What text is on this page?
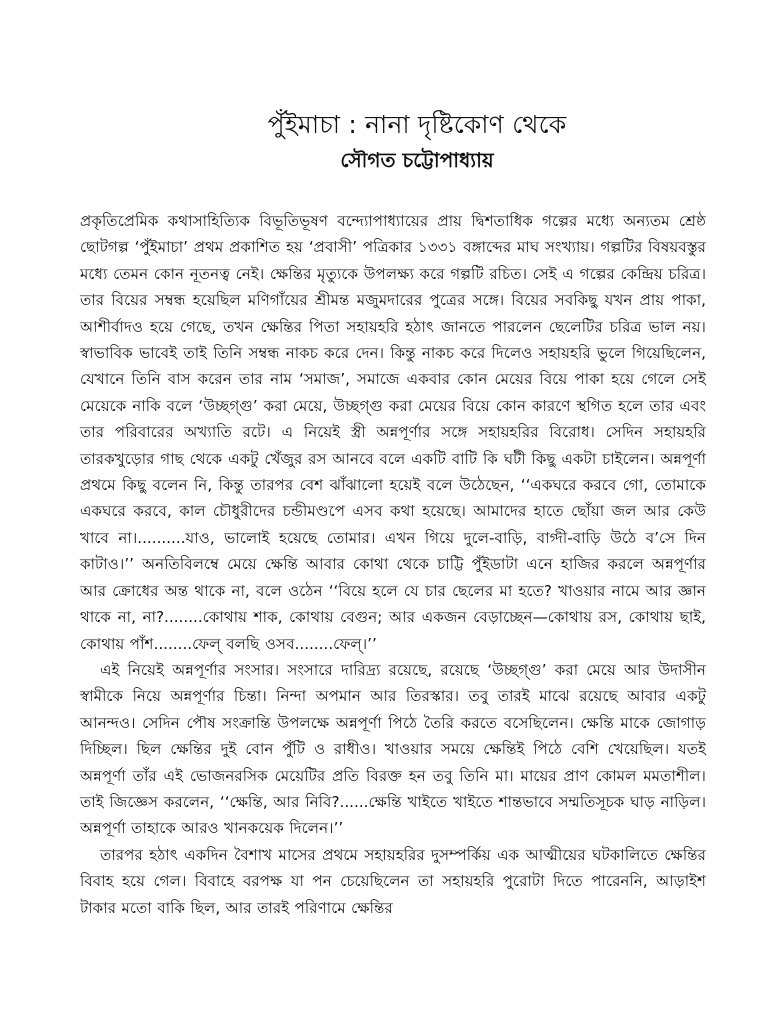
পুঁইমাচা : নানা দৃষ্টিকোণ থেকে
সৌগত চট্টোপাধ্যায়

প্রকৃতিপ্রেমিক কথাসাহিত্যিক বিভূতিভূষণ বন্দ্যোপাধ্যায়ের প্রায় দ্বিশতাধিক গল্পের মধ্যে অন্যতম শ্রেষ্ঠ ছোটগল্প ‘পুঁইমাচা’ প্রথম প্রকাশিত হয় ‘প্রবাসী’ পত্রিকার ১৩৩১ বঙ্গাব্দের মাঘ সংখ্যায়। গল্পটির বিষয়বস্তুর মধ্যে তেমন কোন নূতনত্ব নেই। ক্ষেন্তির মৃত্যুকে উপলক্ষ্য করে গল্পটি রচিত। সেই এ গল্পের কেন্দ্রিয় চরিত্র। তার বিয়ের সম্বন্ধ হয়েছিল মণিগাঁয়ের শ্রীমন্ত মজুমদারের পুত্রের সঙ্গে। বিয়ের সবকিছু যখন প্রায় পাকা, আশীর্বাদও হয়ে গেছে, তখন ক্ষেন্তির পিতা সহায়হরি হঠাৎ জানতে পারলেন ছেলেটির চরিত্র ভাল নয়। স্বাভাবিক ভাবেই তাই তিনি সম্বন্ধ নাকচ করে দেন। কিন্তু নাকচ করে দিলেও সহায়হরি ভুলে গিয়েছিলেন, যেখানে তিনি বাস করেন তার নাম ‘সমাজ’, সমাজে একবার কোন মেয়ের বিয়ে পাকা হয়ে গেলে সেই মেয়েকে নাকি বলে ‘উচ্ছগ্‌গু’ করা মেয়ে, উচ্ছগ্‌গু করা মেয়ের বিয়ে কোন কারণে স্থগিত হলে তার এবং তার পরিবারের অখ্যাতি রটে। এ নিয়েই স্ত্রী অন্নপূর্ণার সঙ্গে সহায়হরির বিরোধ। সেদিন সহায়হরি তারকখুড়োর গাছ থেকে একটু খেঁজুর রস আনবে বলে একটি বাটি কি ঘটী কিছু একটা চাইলেন। অন্নপূর্ণা প্রথমে কিছু বলেন নি, কিন্তু তারপর বেশ ঝাঁঝালো হয়েই বলে উঠেছেন, ‘‘একঘরে করবে গো, তোমাকে একঘরে করবে, কাল চৌধুরীদের চন্ডীমণ্ডপে এসব কথা হয়েছে। আমাদের হাতে ছোঁয়া জল আর কেউ খাবে না।..........যাও, ভালোই হয়েছে তোমার। এখন গিয়ে দুলে-বাড়ি, বাগ্দী-বাড়ি উঠে ব’সে দিন কাটাও।’’ অনতিবিলম্বে মেয়ে ক্ষেন্তি আবার কোথা থেকে চাট্টি পুঁইডাটা এনে হাজির করলে অন্নপূর্ণার আর ক্রোধের অন্ত থাকে না, বলে ওঠেন ‘‘বিয়ে হলে যে চার ছেলের মা হতে? খাওয়ার নামে আর জ্ঞান থাকে না, না?........কোথায় শাক, কোথায় বেগুন; আর একজন বেড়াচ্ছেন—কোথায় রস, কোথায় ছাই, কোথায় পাঁশ........ফেল্ বলছি ওসব........ফেল্।’’

এই নিয়েই অন্নপূর্ণার সংসার। সংসারে দারিদ্র্য রয়েছে, রয়েছে ‘উচ্ছগ্‌গু’ করা মেয়ে আর উদাসীন স্বামীকে নিয়ে অন্নপূর্ণার চিন্তা। নিন্দা অপমান আর তিরস্কার। তবু তারই মাঝে রয়েছে আবার একটু আনন্দও। সেদিন পৌষ সংক্রান্তি উপলক্ষে অন্নপূর্ণা পিঠে তৈরি করতে বসেছিলেন। ক্ষেন্তি মাকে জোগাড় দিচ্ছিল। ছিল ক্ষেন্তির দুই বোন পুঁটি ও রাধীও। খাওয়ার সময়ে ক্ষেন্তিই পিঠে বেশি খেয়েছিল। যতই অন্নপূর্ণা তাঁর এই ভোজনরসিক মেয়েটির প্রতি বিরক্ত হন তবু তিনি মা। মায়ের প্রাণ কোমল মমতাশীল। তাই জিজ্ঞেস করলেন, ‘‘ক্ষেন্তি, আর নিবি?......ক্ষেন্তি খাইতে খাইতে শান্তভাবে সম্মতিসূচক ঘাড় নাড়িল। অন্নপূর্ণা তাহাকে আরও খানকয়েক দিলেন।’’

তারপর হঠাৎ একদিন বৈশাখ মাসের প্রথমে সহায়হরির দুসম্পর্কিয় এক আত্মীয়ের ঘটকালিতে ক্ষেন্তির বিবাহ হয়ে গেল। বিবাহে বরপক্ষ যা পন চেয়েছিলেন তা সহায়হরি পুরোটা দিতে পারেননি, আড়াইশ টাকার মতো বাকি ছিল, আর তারই পরিণামে ক্ষেন্তির
